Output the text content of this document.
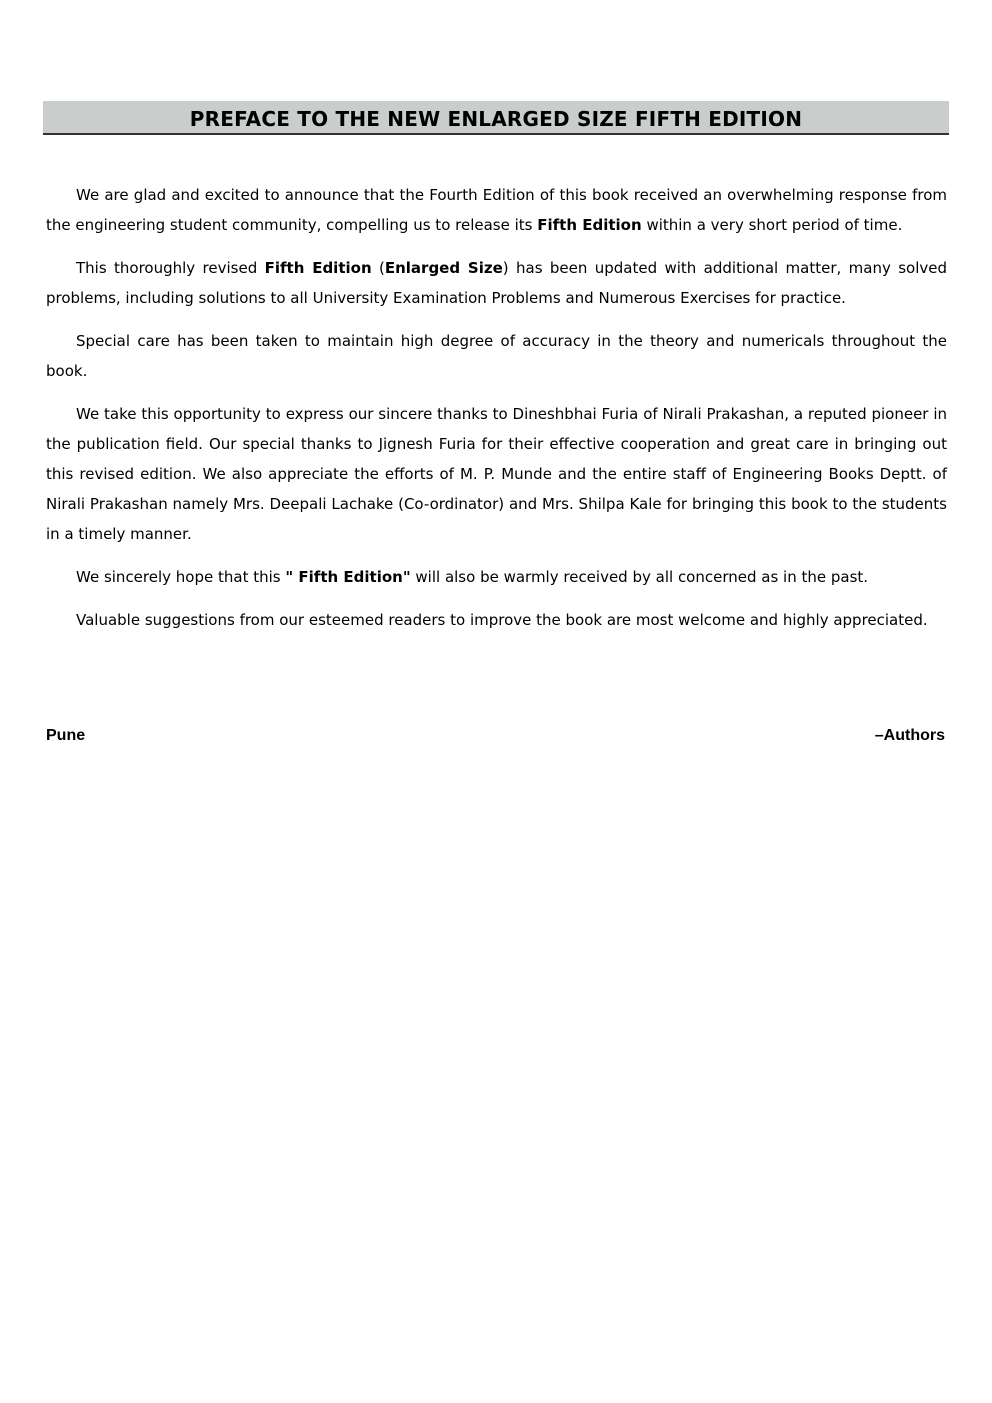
PREFACE TO THE NEW ENLARGED SIZE FIFTH EDITION

We are glad and excited to announce that the Fourth Edition of this book received an overwhelming response from the engineering student community, compelling us to release its Fifth Edition within a very short period of time.

This thoroughly revised Fifth Edition (Enlarged Size) has been updated with additional matter, many solved problems, including solutions to all University Examination Problems and Numerous Exercises for practice.

Special care has been taken to maintain high degree of accuracy in the theory and numericals throughout the book.

We take this opportunity to express our sincere thanks to Dineshbhai Furia of Nirali Prakashan, a reputed pioneer in the publication field. Our special thanks to Jignesh Furia for their effective cooperation and great care in bringing out this revised edition. We also appreciate the efforts of M. P. Munde and the entire staff of Engineering Books Deptt. of Nirali Prakashan namely Mrs. Deepali Lachake (Co-ordinator) and Mrs. Shilpa Kale for bringing this book to the students in a timely manner.

We sincerely hope that this " Fifth Edition" will also be warmly received by all concerned as in the past.

Valuable suggestions from our esteemed readers to improve the book are most welcome and highly appreciated.

Pune	–Authors
